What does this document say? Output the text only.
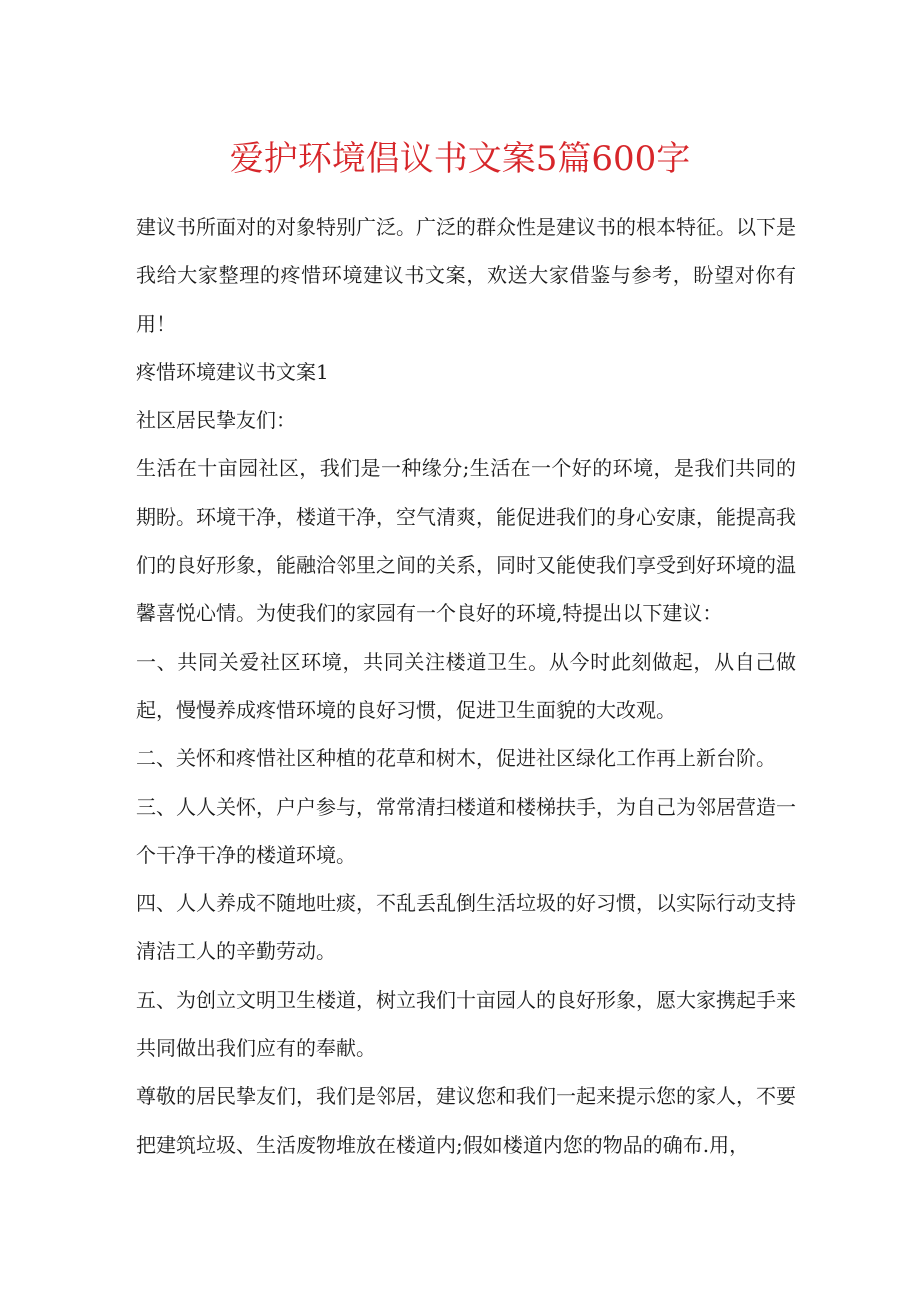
爱护环境倡议书文案5篇600字

建议书所面对的对象特别广泛。广泛的群众性是建议书的根本特征。以下是我给大家整理的疼惜环境建议书文案，欢送大家借鉴与参考，盼望对你有用！

疼惜环境建议书文案1

社区居民挚友们：

生活在十亩园社区，我们是一种缘分;生活在一个好的环境，是我们共同的期盼。环境干净，楼道干净，空气清爽，能促进我们的身心安康，能提高我们的良好形象，能融洽邻里之间的关系，同时又能使我们享受到好环境的温馨喜悦心情。为使我们的家园有一个良好的环境,特提出以下建议：

一、共同关爱社区环境，共同关注楼道卫生。从今时此刻做起，从自己做起，慢慢养成疼惜环境的良好习惯，促进卫生面貌的大改观。

二、关怀和疼惜社区种植的花草和树木，促进社区绿化工作再上新台阶。

三、人人关怀，户户参与，常常清扫楼道和楼梯扶手，为自己为邻居营造一个干净干净的楼道环境。

四、人人养成不随地吐痰，不乱丢乱倒生活垃圾的好习惯，以实际行动支持清洁工人的辛勤劳动。

五、为创立文明卫生楼道，树立我们十亩园人的良好形象，愿大家携起手来共同做出我们应有的奉献。

尊敬的居民挚友们，我们是邻居，建议您和我们一起来提示您的家人，不要把建筑垃圾、生活废物堆放在楼道内;假如楼道内您的物品的确布.用，
